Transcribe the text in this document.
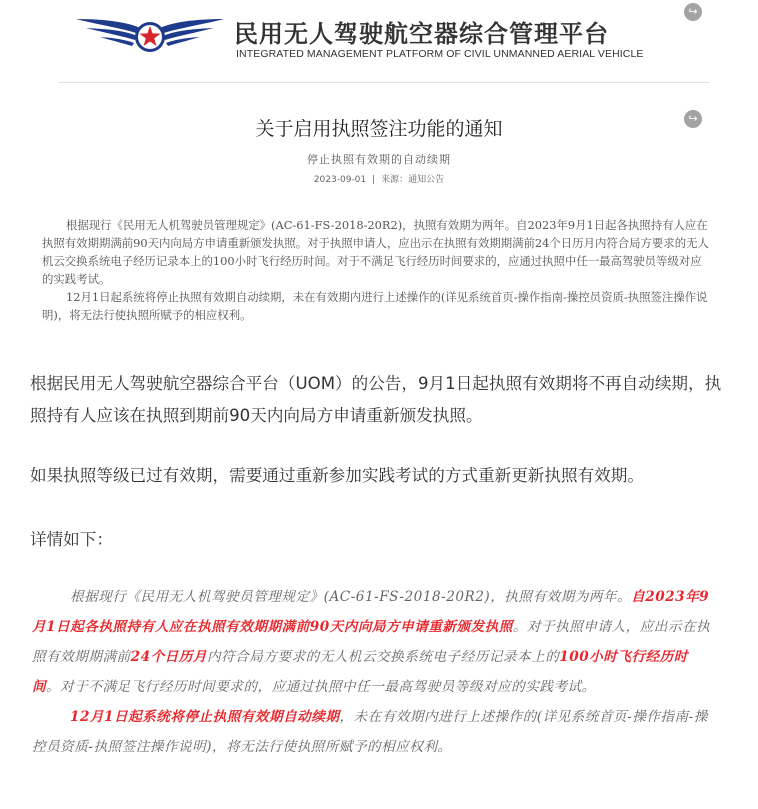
民用无人驾驶航空器综合管理平台
INTEGRATED MANAGEMENT PLATFORM OF CIVIL UNMANNED AERIAL VEHICLE
↪
↪
关于启用执照签注功能的通知
停止执照有效期的自动续期
2023-09-01 | 来源：通知公告

根据现行《民用无人机驾驶员管理规定》(AC-61-FS-2018-20R2)，执照有效期为两年。自2023年9月1日起各执照持有人应在执照有效期期满前90天内向局方申请重新颁发执照。对于执照申请人，应出示在执照有效期期满前24个日历月内符合局方要求的无人机云交换系统电子经历记录本上的100小时飞行经历时间。对于不满足飞行经历时间要求的，应通过执照中任一最高驾驶员等级对应的实践考试。

12月1日起系统将停止执照有效期自动续期，未在有效期内进行上述操作的(详见系统首页-操作指南-操控员资质-执照签注操作说明)，将无法行使执照所赋予的相应权利。

根据民用无人驾驶航空器综合平台（UOM）的公告，9月1日起执照有效期将不再自动续期，执照持有人应该在执照到期前90天内向局方申请重新颁发执照。

如果执照等级已过有效期，需要通过重新参加实践考试的方式重新更新执照有效期。

详情如下：

根据现行《民用无人机驾驶员管理规定》(AC-61-FS-2018-20R2)，执照有效期为两年。自2023年9月1日起各执照持有人应在执照有效期期满前90天内向局方申请重新颁发执照。对于执照申请人，应出示在执照有效期期满前24个日历月内符合局方要求的无人机云交换系统电子经历记录本上的100小时飞行经历时间。对于不满足飞行经历时间要求的，应通过执照中任一最高驾驶员等级对应的实践考试。

12月1日起系统将停止执照有效期自动续期，未在有效期内进行上述操作的(详见系统首页-操作指南-操控员资质-执照签注操作说明)，将无法行使执照所赋予的相应权利。
